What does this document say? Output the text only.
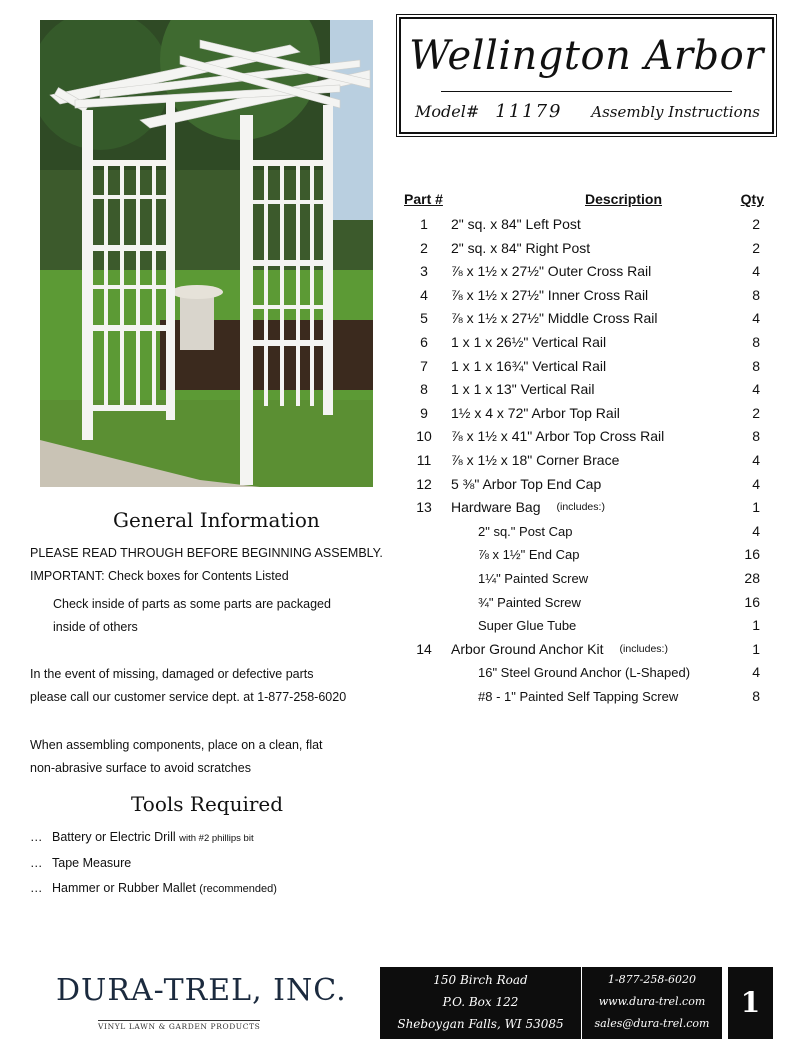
Wellington Arbor
Model# 11179 Assembly Instructions
Part #	Description	Qty
1	2" sq. x 84" Left Post	2
2	2" sq. x 84" Right Post	2
3	⅞ x 1½ x 27½" Outer Cross Rail	4
4	⅞ x 1½ x 27½" Inner Cross Rail	8
5	⅞ x 1½ x 27½" Middle Cross Rail	4
6	1 x 1 x 26½" Vertical Rail	8
7	1 x 1 x 16¾" Vertical Rail	8
8	1 x 1 x 13" Vertical Rail	4
9	1½ x 4 x 72" Arbor Top Rail	2
10	⅞ x 1½ x 41" Arbor Top Cross Rail	8
11	⅞ x 1½ x 18" Corner Brace	4
12	5 ⅜" Arbor Top End Cap	4
13	Hardware Bag (includes:)	1
2" sq." Post Cap	4
⅞ x 1½" End Cap	16
1¼" Painted Screw	28
¾" Painted Screw	16
Super Glue Tube	1
14	Arbor Ground Anchor Kit (includes:)	1
16" Steel Ground Anchor (L-Shaped)	4
#8 - 1" Painted Self Tapping Screw	8
General Information
PLEASE READ THROUGH BEFORE BEGINNING ASSEMBLY.
IMPORTANT: Check boxes for Contents Listed
Check inside of parts as some parts are packaged
inside of others
In the event of missing, damaged or defective parts
please call our customer service dept. at 1-877-258-6020
When assembling components, place on a clean, flat
non-abrasive surface to avoid scratches
Tools Required
… Battery or Electric Drill with #2 phillips bit
… Tape Measure
… Hammer or Rubber Mallet (recommended)
DURA-TREL, INC.
VINYL LAWN & GARDEN PRODUCTS
150 Birch Road
P.O. Box 122
Sheboygan Falls, WI 53085
1-877-258-6020
www.dura-trel.com
sales@dura-trel.com
1
